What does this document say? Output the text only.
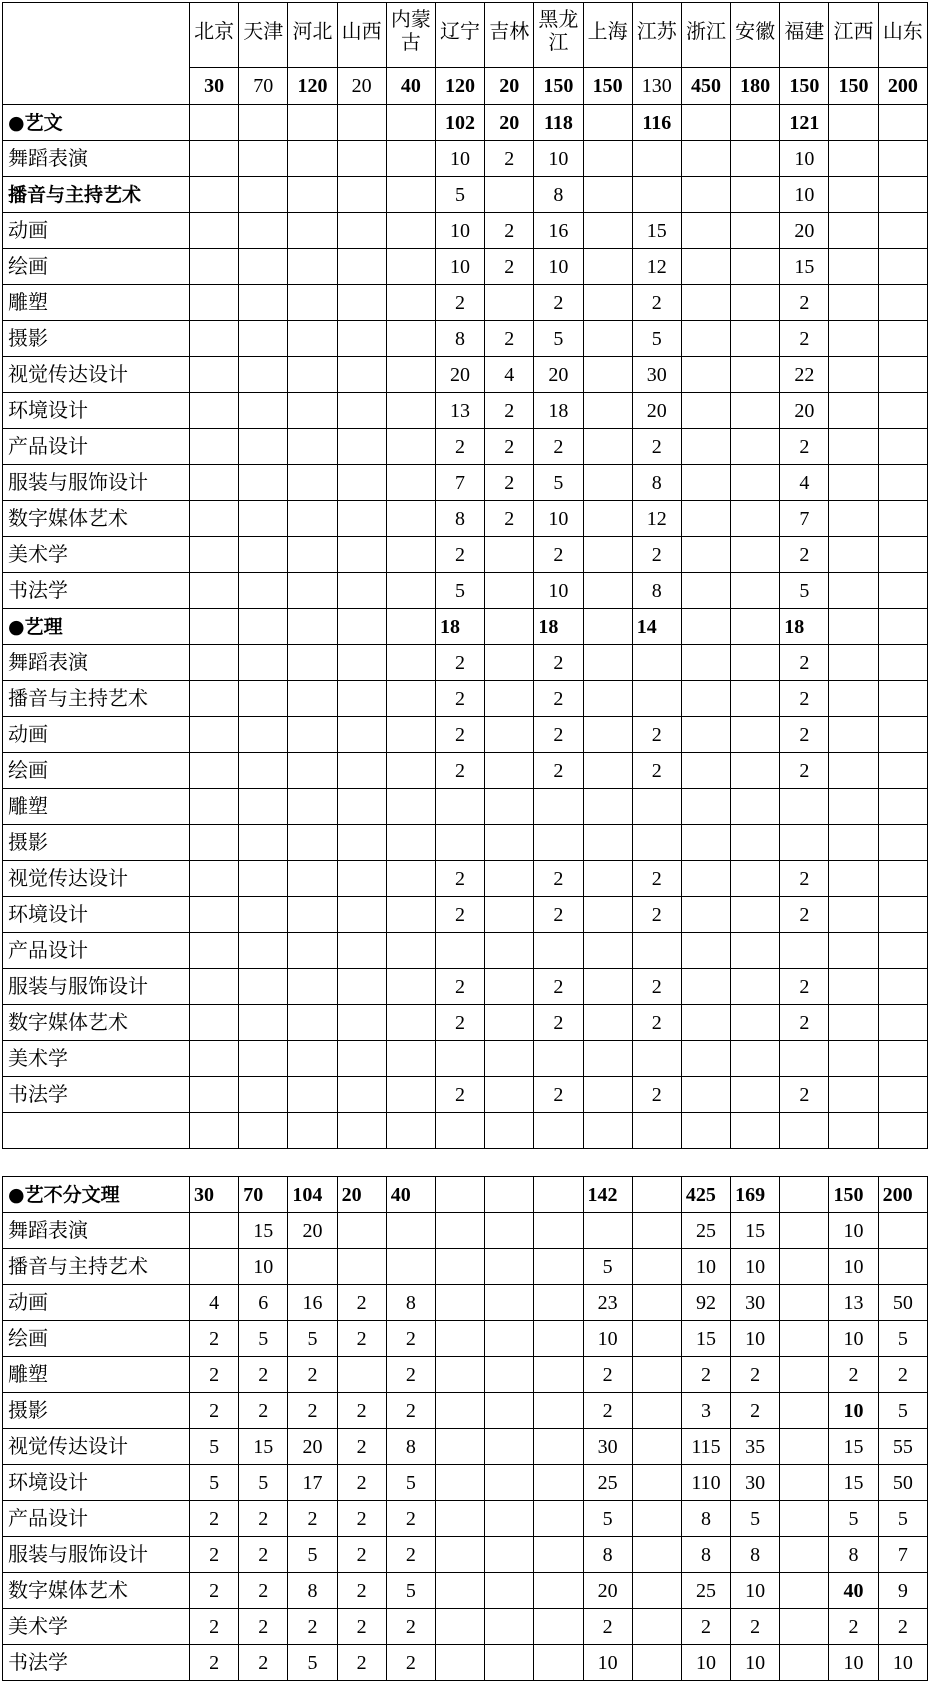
	北京	天津	河北	山西	内蒙古	辽宁	吉林	黑龙江	上海	江苏	浙江	安徽	福建	江西	山东
	30	70	120	20	40	120	20	150	150	130	450	180	150	150	200
●艺文						102	20	118		116			121		
舞蹈表演						10	2	10					10		
播音与主持艺术						5		8					10		
动画						10	2	16		15			20		
绘画						10	2	10		12			15		
雕塑						2		2		2			2		
摄影						8	2	5		5			2		
视觉传达设计						20	4	20		30			22		
环境设计						13	2	18		20			20		
产品设计						2	2	2		2			2		
服装与服饰设计						7	2	5		8			4		
数字媒体艺术						8	2	10		12			7		
美术学						2		2		2			2		
书法学						5		10		8			5		
●艺理						18		18		14			18		
舞蹈表演						2		2					2		
播音与主持艺术						2		2					2		
动画						2		2		2			2		
绘画						2		2		2			2		
雕塑															
摄影															
视觉传达设计						2		2		2			2		
环境设计						2		2		2			2		
产品设计															
服装与服饰设计						2		2		2			2		
数字媒体艺术						2		2		2			2		
美术学															
书法学						2		2		2			2		

●艺不分文理	30	70	104	20	40				142		425	169		150	200
舞蹈表演		15	20								25	15		10	
播音与主持艺术		10							5		10	10		10	
动画	4	6	16	2	8				23		92	30		13	50
绘画	2	5	5	2	2				10		15	10		10	5
雕塑	2	2	2		2				2		2	2		2	2
摄影	2	2	2	2	2				2		3	2		10	5
视觉传达设计	5	15	20	2	8				30		115	35		15	55
环境设计	5	5	17	2	5				25		110	30		15	50
产品设计	2	2	2	2	2				5		8	5		5	5
服装与服饰设计	2	2	5	2	2				8		8	8		8	7
数字媒体艺术	2	2	8	2	5				20		25	10		40	9
美术学	2	2	2	2	2				2		2	2		2	2
书法学	2	2	5	2	2				10		10	10		10	10
